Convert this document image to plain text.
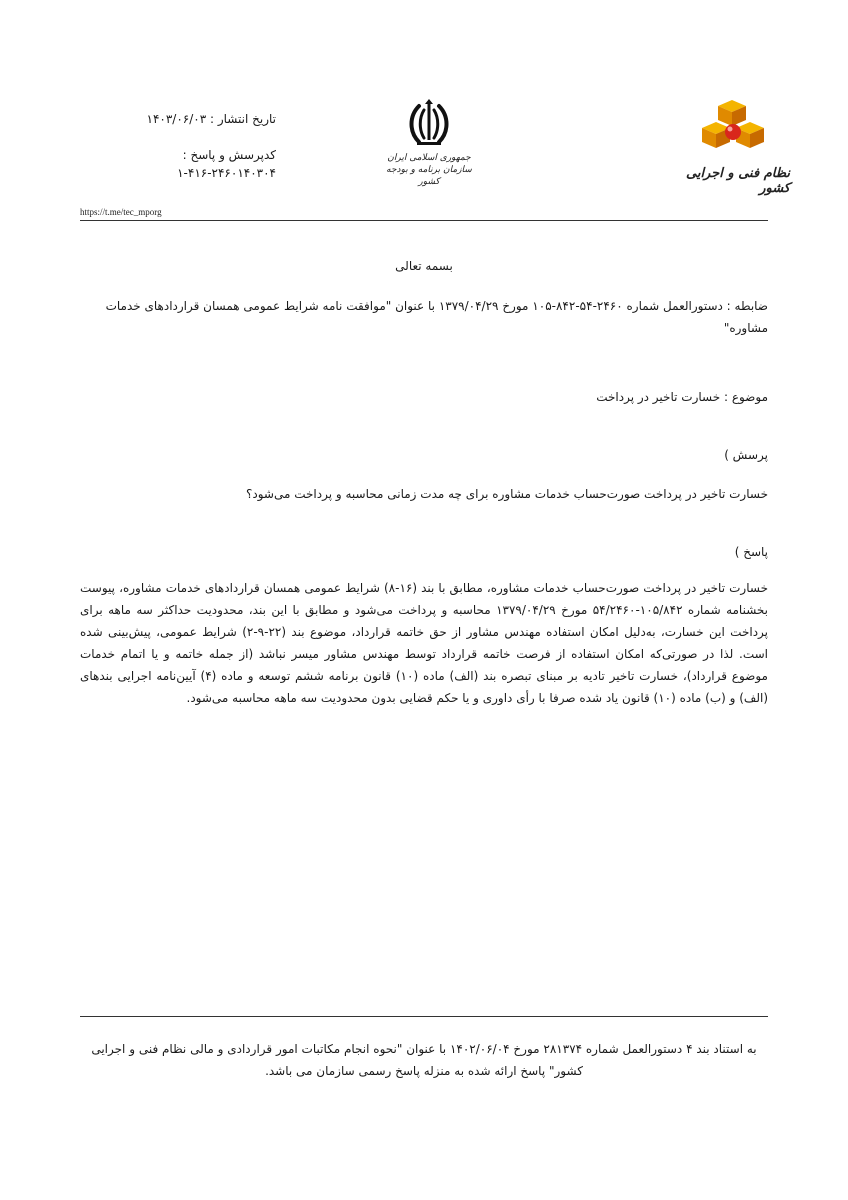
نظام فنی و اجرایی کشور
جمهوری اسلامی ایران
سازمان برنامه و بودجه کشور
تاریخ انتشار : ۱۴۰۳/۰۶/۰۳
کدپرسش و پاسخ :
۱-۴۱۶-۲۴۶۰۱۴۰۳۰۴
https://t.me/tec_mporg
بسمه تعالی
ضابطه : دستورالعمل شماره ۲۴۶۰-۵۴-۸۴۲-۱۰۵ مورخ ۱۳۷۹/۰۴/۲۹ با عنوان "موافقت نامه شرایط عمومی همسان قراردادهای خدمات مشاوره"
موضوع : خسارت تاخیر در پرداخت
پرسش )
خسارت تاخیر در پرداخت صورت‌حساب خدمات مشاوره برای چه مدت زمانی محاسبه و پرداخت می‌شود؟
پاسخ )
خسارت تاخیر در پرداخت صورت‌حساب خدمات مشاوره، مطابق با بند (۱۶-۸) شرایط عمومی همسان قراردادهای خدمات مشاوره، پیوست بخشنامه شماره ۱۰۵/۸۴۲-۵۴/۲۴۶۰ مورخ ۱۳۷۹/۰۴/۲۹ محاسبه و پرداخت می‌شود و مطابق با این بند، محدودیت حداکثر سه ماهه برای پرداخت این خسارت، به‌دلیل امکان استفاده مهندس مشاور از حق خاتمه قرارداد، موضوع بند (۲۲-۹-۲) شرایط عمومی، پیش‌بینی شده است. لذا در صورتی‌که امکان استفاده از فرصت خاتمه قرارداد توسط مهندس مشاور میسر نباشد (از جمله خاتمه و یا اتمام خدمات موضوع قرارداد)، خسارت تاخیر تادیه بر مبنای تبصره بند (الف) ماده (۱۰) قانون برنامه ششم توسعه و ماده (۴) آیین‌نامه اجرایی بندهای (الف) و (ب) ماده (۱۰) قانون یاد شده صرفا با رأی داوری و یا حکم قضایی بدون محدودیت سه ماهه محاسبه می‌شود.
به استناد بند ۴ دستورالعمل شماره ۲۸۱۳۷۴ مورخ ۱۴۰۲/۰۶/۰۴ با عنوان "نحوه انجام مکاتبات امور قراردادی و مالی نظام فنی و اجرایی کشور" پاسخ ارائه شده به منزله پاسخ رسمی سازمان می باشد.
